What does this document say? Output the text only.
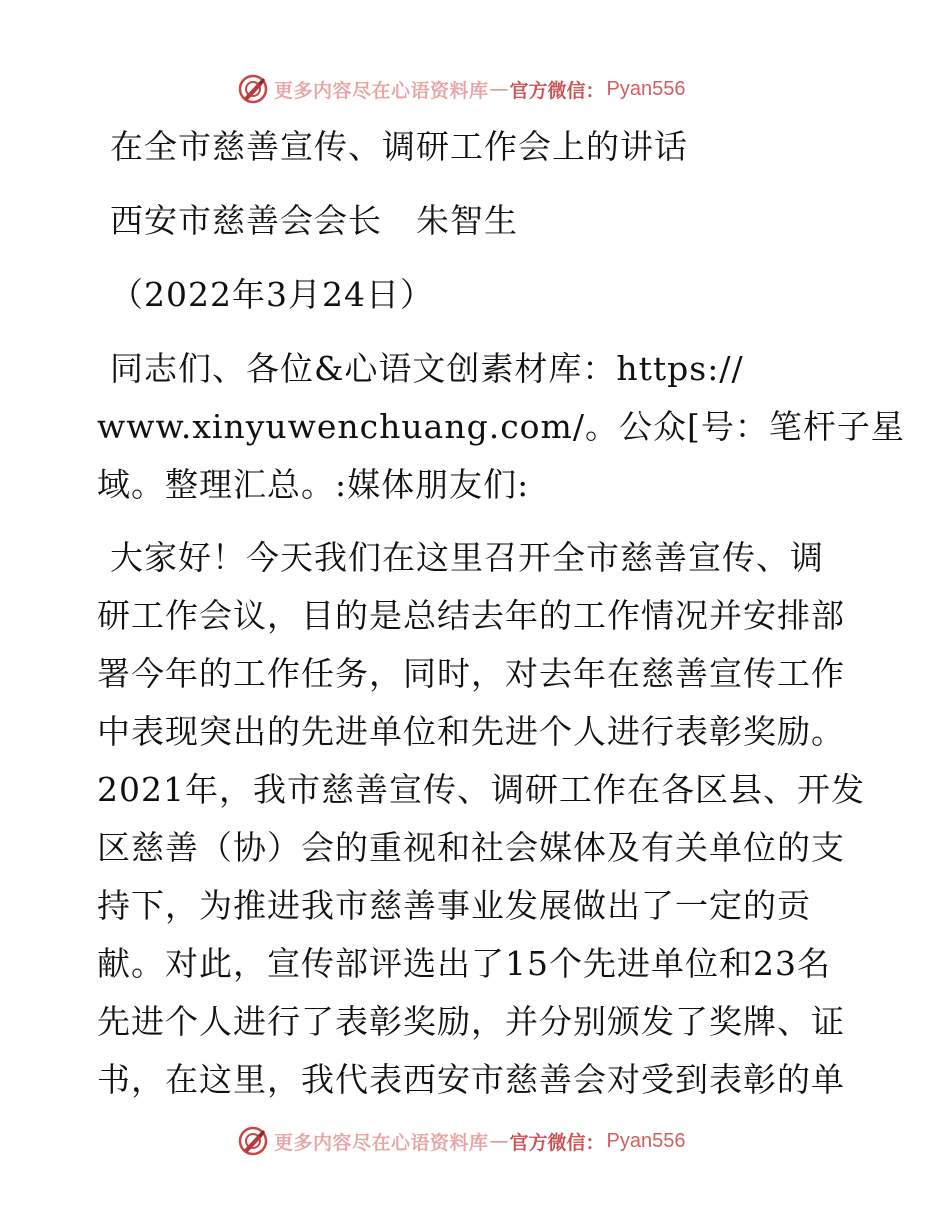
更多内容尽在心语资料库 — 官方微信： Pyan556
在全市慈善宣传、调研工作会上的讲话
西安市慈善会会长　朱智生
（2022年3月24日）
同志们、各位&心语文创素材库：https://
www.xinyuwenchuang.com/。公众[号：笔杆子星
域。整理汇总。:媒体朋友们:
大家好！今天我们在这里召开全市慈善宣传、调
研工作会议，目的是总结去年的工作情况并安排部
署今年的工作任务，同时，对去年在慈善宣传工作
中表现突出的先进单位和先进个人进行表彰奖励。
2021年，我市慈善宣传、调研工作在各区县、开发
区慈善（协）会的重视和社会媒体及有关单位的支
持下，为推进我市慈善事业发展做出了一定的贡
献。对此，宣传部评选出了15个先进单位和23名
先进个人进行了表彰奖励，并分别颁发了奖牌、证
书，在这里，我代表西安市慈善会对受到表彰的单
更多内容尽在心语资料库 — 官方微信： Pyan556
